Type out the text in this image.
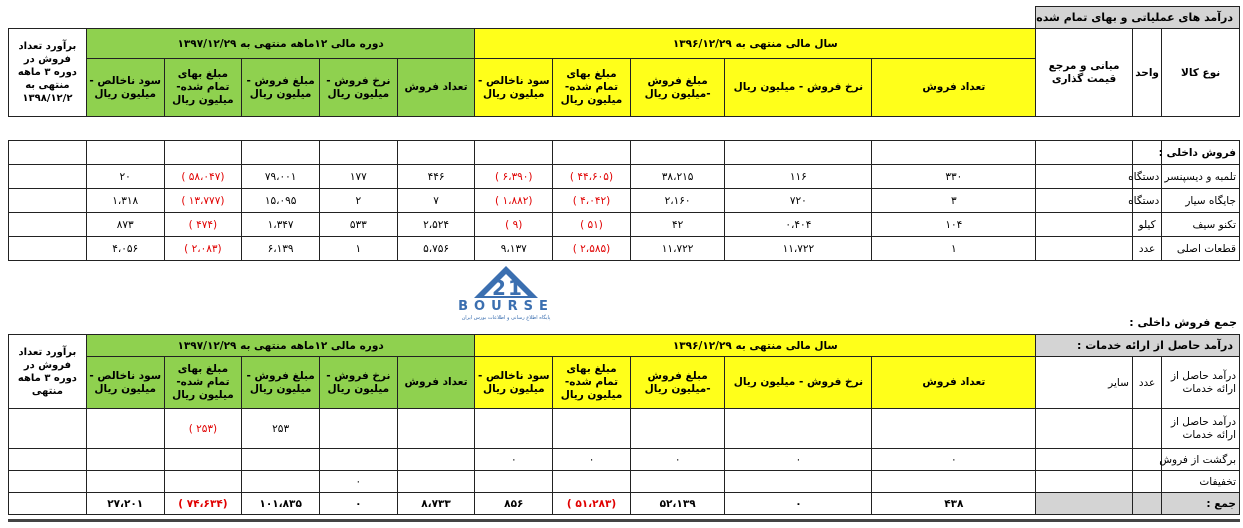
درآمد های عملیاتی و بهای تمام شده													
نوع کالا	واحد	مبانی و مرجع قیمت گذاری	سال مالی منتهی به ۱۳۹۶/۱۲/۲۹					دوره مالی ۱۲ماهه منتهی به ۱۳۹۷/۱۲/۲۹					برآورد تعداد فروش در دوره ۳ ماهه منتهی به ۱۳۹۸/۱۲/۲
			تعداد فروش	نرخ فروش - میلیون ریال	مبلغ فروش -میلیون ریال	مبلغ بهای تمام شده- میلیون ریال	سود ناخالص - میلیون ریال	تعداد فروش	نرخ فروش - میلیون ریال	مبلغ فروش - میلیون ریال	مبلغ بهای تمام شده- میلیون ریال	سود ناخالص - میلیون ریال	

فروش داخلی :													
تلمبه و دیسپنسر	دستگاه		۳۳۰	۱۱۶	۳۸،۲۱۵	(۴۴،۶۰۵ )	(۶،۳۹۰ )	۴۴۶	۱۷۷	۷۹،۰۰۱	(۵۸،۰۴۷ )	۲۰	
جایگاه سیار	دستگاه		۳	۷۲۰	۲،۱۶۰	(۴،۰۴۲ )	(۱،۸۸۲ )	۷	۲	۱۵،۰۹۵	(۱۳،۷۷۷ )	۱،۳۱۸	
تکنو سیف	کیلو		۱۰۴	۰،۴۰۴	۴۲	(۵۱ )	(۹ )	۲،۵۲۴	۵۳۳	۱،۳۴۷	(۴۷۴ )	۸۷۳	
قطعات اصلی	عدد		۱	۱۱،۷۲۲	۱۱،۷۲۲	(۲،۵۸۵ )	۹،۱۳۷	۵،۷۵۶	۱	۶،۱۳۹	(۲،۰۸۳ )	۴،۰۵۶	
2 1
BOURSE
پایگاه اطلاع رسانی و اطلاعات بورس ایران	جمع فروش داخلی :
درآمد حاصل از ارائه خدمات :			سال مالی منتهی به ۱۳۹۶/۱۲/۲۹					دوره مالی ۱۲ماهه منتهی به ۱۳۹۷/۱۲/۲۹					برآورد تعداد فروش در دوره ۳ ماهه منتهی
درآمد حاصل از ارائه خدمات	عدد	سایر	تعداد فروش	نرخ فروش - میلیون ریال	مبلغ فروش -میلیون ریال	مبلغ بهای تمام شده- میلیون ریال	سود ناخالص - میلیون ریال	تعداد فروش	نرخ فروش - میلیون ریال	مبلغ فروش - میلیون ریال	مبلغ بهای تمام شده- میلیون ریال	سود ناخالص - میلیون ریال	
درآمد حاصل از ارائه خدمات										۲۵۳	(۲۵۳ )		
برگشت از فروش			۰	۰	۰	۰	۰						
تخفیفات									۰				
جمع :			۴۳۸	۰	۵۲،۱۳۹	(۵۱،۲۸۳ )	۸۵۶	۸،۷۳۳	۰	۱۰۱،۸۳۵	(۷۴،۶۳۴ )	۲۷،۲۰۱	
